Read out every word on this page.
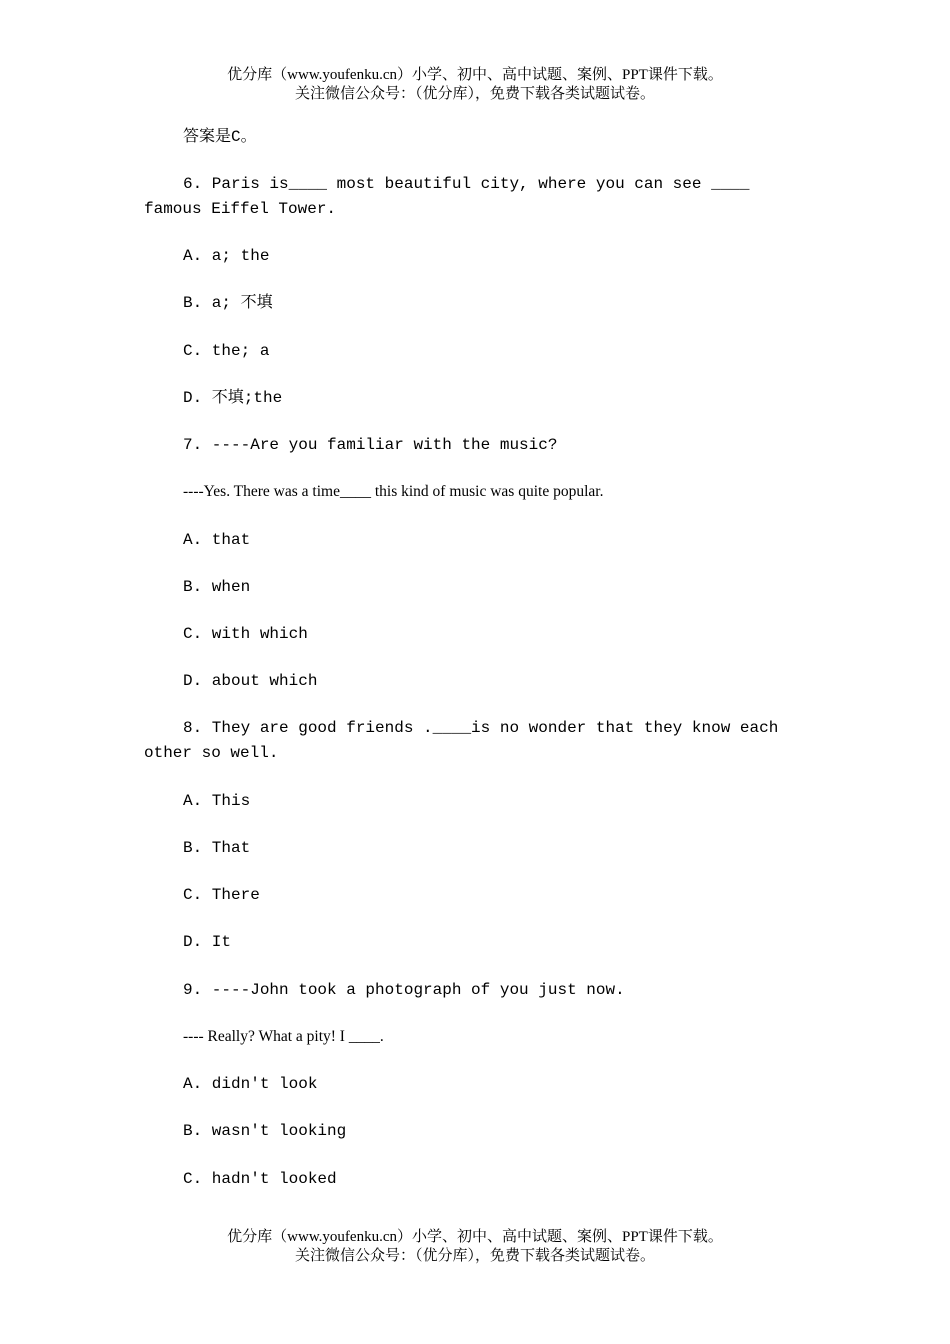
优分库（www.youfenku.cn）小学、初中、高中试题、案例、PPT课件下载。
关注微信公众号：（优分库），免费下载各类试题试卷。
答案是C。
6. Paris is____ most beautiful city, where you can see ____
famous Eiffel Tower.
A. a; the
B. a; 不填
C. the; a
D. 不填;the
7. ----Are you familiar with the music?
----Yes. There was a time____ this kind of music was quite popular.
A. that
B. when
C. with which
D. about which
8. They are good friends .____is no wonder that they know each
other so well.
A. This
B. That
C. There
D. It
9. ----John took a photograph of you just now.
---- Really? What a pity! I ____.
A. didn't look
B. wasn't looking
C. hadn't looked
优分库（www.youfenku.cn）小学、初中、高中试题、案例、PPT课件下载。
关注微信公众号：（优分库），免费下载各类试题试卷。
